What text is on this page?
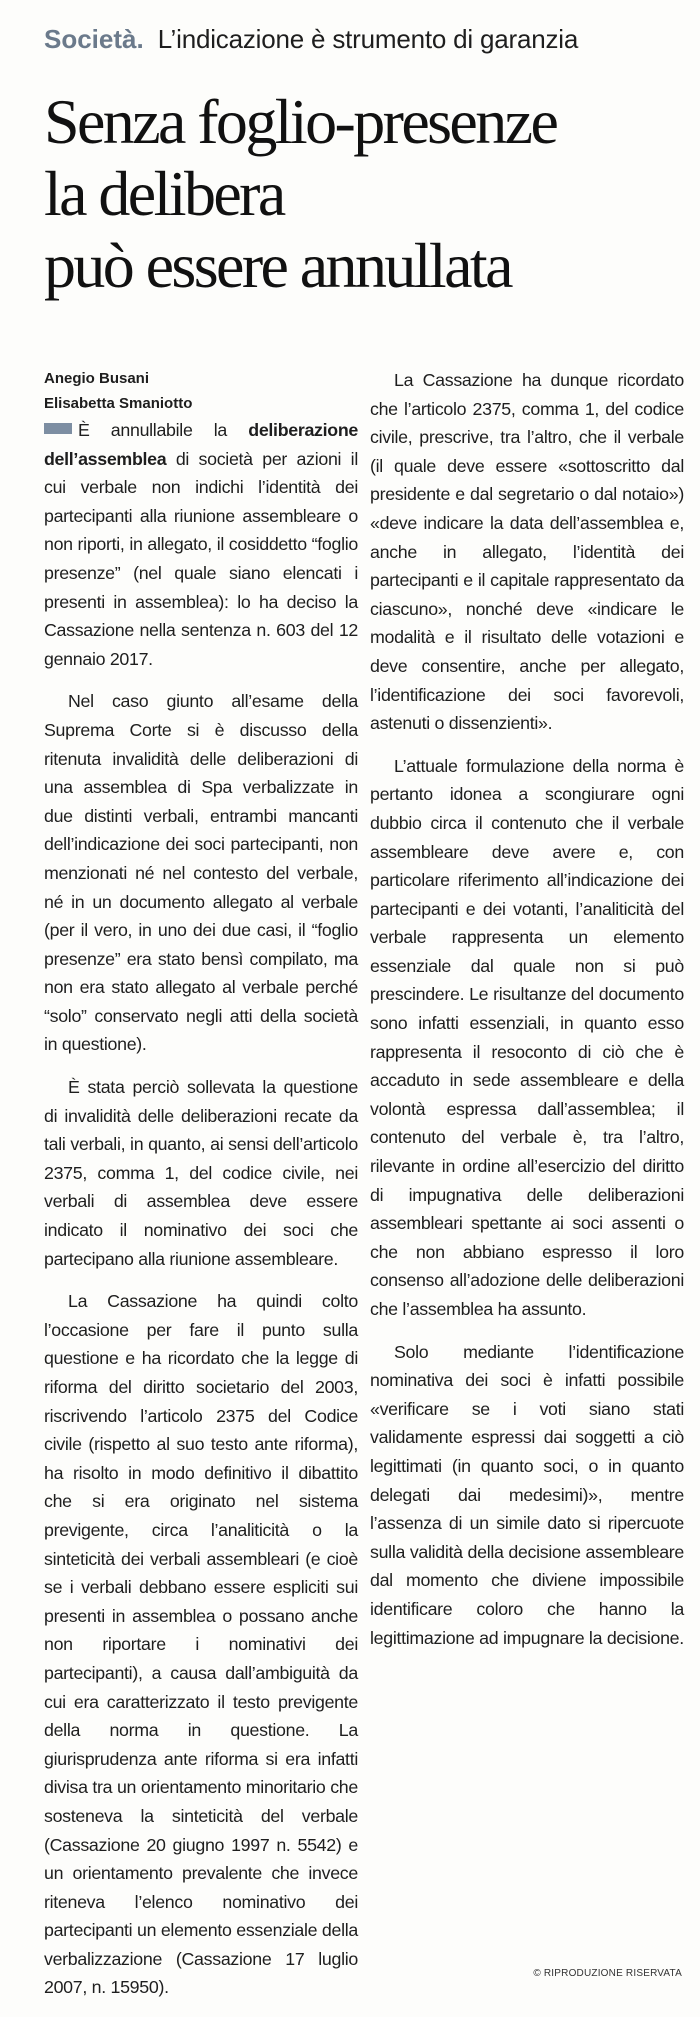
Società. L’indicazione è strumento di garanzia
Senza foglio-presenze
la delibera
può essere annullata
Anegio Busani
Elisabetta Smaniotto

È annullabile la deliberazione dell’assemblea di società per azioni il cui verbale non indichi l’identità dei partecipanti alla riunione assembleare o non riporti, in allegato, il cosiddetto “foglio presenze” (nel quale siano elencati i presenti in assemblea): lo ha deciso la Cassazione nella sentenza n. 603 del 12 gennaio 2017.

Nel caso giunto all’esame della Suprema Corte si è discusso della ritenuta invalidità delle deliberazioni di una assemblea di Spa verbalizzate in due distinti verbali, entrambi mancanti dell’indicazione dei soci partecipanti, non menzionati né nel contesto del verbale, né in un documento allegato al verbale (per il vero, in uno dei due casi, il “foglio presenze” era stato bensì compilato, ma non era stato allegato al verbale perché “solo” conservato negli atti della società in questione).

È stata perciò sollevata la questione di invalidità delle deliberazioni recate da tali verbali, in quanto, ai sensi dell’articolo 2375, comma 1, del codice civile, nei verbali di assemblea deve essere indicato il nominativo dei soci che partecipano alla riunione assembleare.

La Cassazione ha quindi colto l’occasione per fare il punto sulla questione e ha ricordato che la legge di riforma del diritto societario del 2003, riscrivendo l’articolo 2375 del Codice civile (rispetto al suo testo ante riforma), ha risolto in modo definitivo il dibattito che si era originato nel sistema previgente, circa l’analiticità o la sinteticità dei verbali assembleari (e cioè se i verbali debbano essere espliciti sui presenti in assemblea o possano anche non riportare i nominativi dei partecipanti), a causa dall’ambiguità da cui era caratterizzato il testo previgente della norma in questione. La giurisprudenza ante riforma si era infatti divisa tra un orientamento minoritario che sosteneva la sinteticità del verbale (Cassazione 20 giugno 1997 n. 5542) e un orientamento prevalente che invece riteneva l’elenco nominativo dei partecipanti un elemento essenziale della verbalizzazione (Cassazione 17 luglio 2007, n. 15950).

La Cassazione ha dunque ricordato che l’articolo 2375, comma 1, del codice civile, prescrive, tra l’altro, che il verbale (il quale deve essere «sottoscritto dal presidente e dal segretario o dal notaio») «deve indicare la data dell’assemblea e, anche in allegato, l’identità dei partecipanti e il capitale rappresentato da ciascuno», nonché deve «indicare le modalità e il risultato delle votazioni e deve consentire, anche per allegato, l’identificazione dei soci favorevoli, astenuti o dissenzienti».

L’attuale formulazione della norma è pertanto idonea a scongiurare ogni dubbio circa il contenuto che il verbale assembleare deve avere e, con particolare riferimento all’indicazione dei partecipanti e dei votanti, l’analiticità del verbale rappresenta un elemento essenziale dal quale non si può prescindere. Le risultanze del documento sono infatti essenziali, in quanto esso rappresenta il resoconto di ciò che è accaduto in sede assembleare e della volontà espressa dall’assemblea; il contenuto del verbale è, tra l’altro, rilevante in ordine all’esercizio del diritto di impugnativa delle deliberazioni assembleari spettante ai soci assenti o che non abbiano espresso il loro consenso all’adozione delle deliberazioni che l’assemblea ha assunto.

Solo mediante l’identificazione nominativa dei soci è infatti possibile «verificare se i voti siano stati validamente espressi dai soggetti a ciò legittimati (in quanto soci, o in quanto delegati dai medesimi)», mentre l’assenza di un simile dato si ripercuote sulla validità della decisione assembleare dal momento che diviene impossibile identificare coloro che hanno la legittimazione ad impugnare la decisione.

© RIPRODUZIONE RISERVATA
